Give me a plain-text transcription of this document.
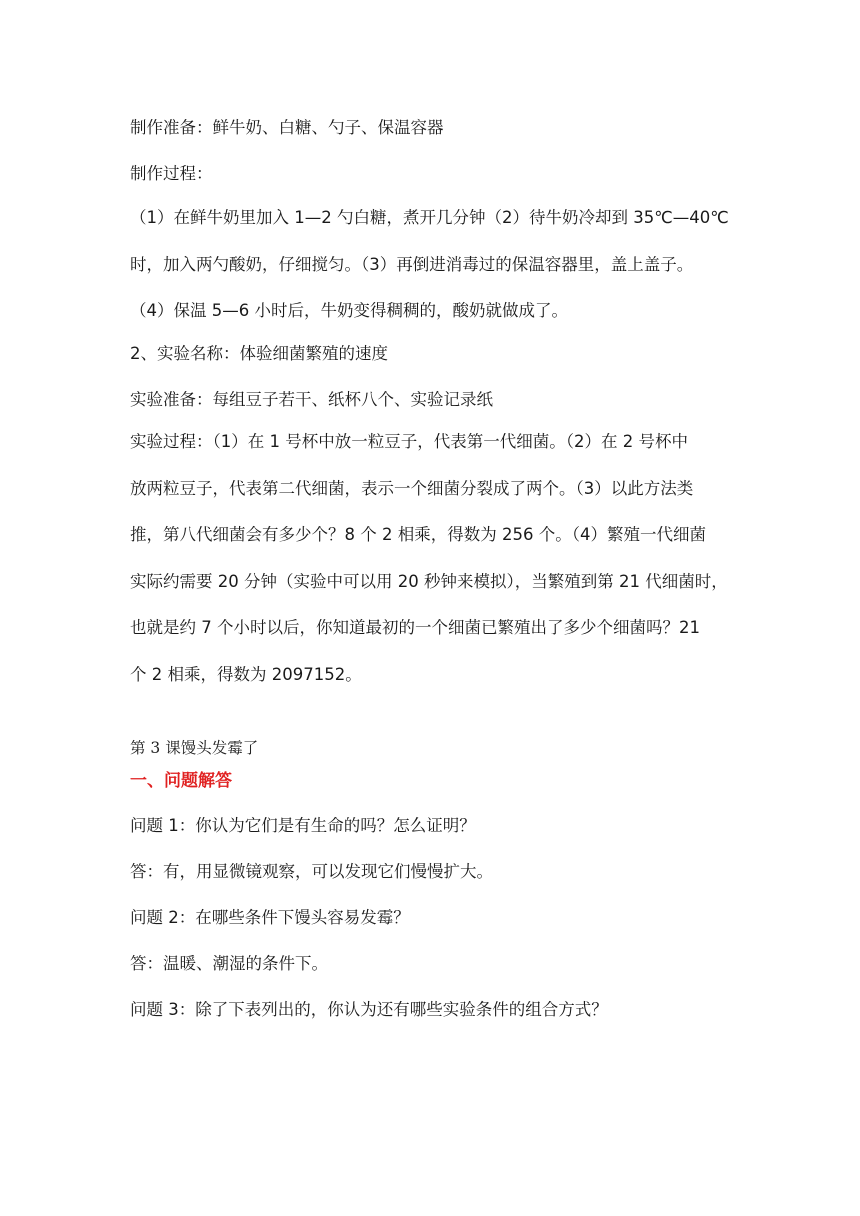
制作准备：鲜牛奶、白糖、勺子、保温容器

制作过程：

（1）在鲜牛奶里加入 1—2 勺白糖，煮开几分钟（2）待牛奶冷却到 35℃—40℃
时，加入两勺酸奶，仔细搅匀。（3）再倒进消毒过的保温容器里，盖上盖子。
（4）保温 5—6 小时后，牛奶变得稠稠的，酸奶就做成了。

2、实验名称：体验细菌繁殖的速度

实验准备：每组豆子若干、纸杯八个、实验记录纸

实验过程：（1）在 1 号杯中放一粒豆子，代表第一代细菌。（2）在 2 号杯中
放两粒豆子，代表第二代细菌，表示一个细菌分裂成了两个。（3）以此方法类
推，第八代细菌会有多少个？8 个 2 相乘，得数为 256 个。（4）繁殖一代细菌
实际约需要 20 分钟（实验中可以用 20 秒钟来模拟），当繁殖到第 21 代细菌时，
也就是约 7 个小时以后，你知道最初的一个细菌已繁殖出了多少个细菌吗？21
个 2 相乘，得数为 2097152。

第 3 课馒头发霉了

一、问题解答

问题 1：你认为它们是有生命的吗？怎么证明？

答：有，用显微镜观察，可以发现它们慢慢扩大。

问题 2：在哪些条件下馒头容易发霉？

答：温暖、潮湿的条件下。

问题 3：除了下表列出的，你认为还有哪些实验条件的组合方式？
